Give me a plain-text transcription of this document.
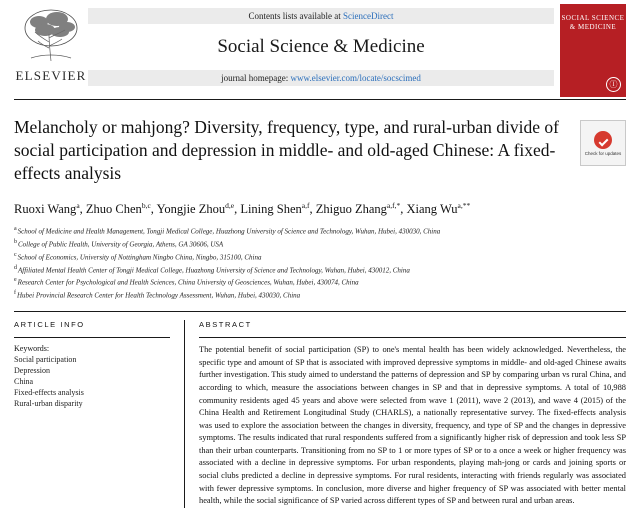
ELSEVIER
Contents lists available at ScienceDirect
Social Science & Medicine
journal homepage: www.elsevier.com/locate/socscimed
SOCIAL SCIENCE & MEDICINE
Ⓘ
Melancholy or mahjong? Diversity, frequency, type, and rural-urban divide of social participation and depression in middle- and old-aged Chinese: A fixed-effects analysis
Check for updates
Ruoxi Wang$^a$, Zhuo Chen$^{b,c}$, Yongjie Zhou$^{d,e}$, Lining Shen$^{a,f}$, Zhiguo Zhang$^{a,f,*}$, Xiang $Wu^{a,**}$
$^a$School of Medicine and Health Management, Tongji Medical College, Huazhong University of Science and Technology, Wuhan, Hubei, 430030, China
$^b$College of Public Health, University of Georgia, Athens, GA 30606, USA
$^c$School of Economics, University of Nottingham Ningbo China, Ningbo, 315100, China
$^d$Affiliated Mental Health Center of Tongji Medical College, Huazhong University of Science and Technology, Wuhan, Hubei, 430012, China
$^e$Research Center for Psychological and Health Sciences, China University of Geosciences, Wuhan, Hubei, 430074, China
$^f$Hubei Provincial Research Center for Health Technology Assessment, Wuhan, Hubei, 430030, China
ARTICLE INFO
Keywords:
Social participation
Depression
China
Fixed-effects analysis
Rural-urban disparity
ABSTRACT
The potential benefit of social participation (SP) to one's mental health has been widely acknowledged. Nevertheless, the specific type and amount of SP that is associated with improved depressive symptoms in middle- and old-aged Chinese awaits further investigation. This study aimed to understand the patterns of depression and SP by comparing urban vs rural China, and according to which, measure the associations between changes in SP and that in depressive symptoms. A total of 10,988 community residents aged 45 years and above were selected from wave 1 (2011), wave 2 (2013), and wave 4 (2015) of the China Health and Retirement Longitudinal Study (CHARLS), a nationally representative survey. The fixed-effects analysis was used to explore the association between the changes in diversity, frequency, and type of SP and the changes in depressive symptoms. The results indicated that rural respondents suffered from a significantly higher risk of depression and took less SP than their urban counterparts. Transitioning from no SP to 1 or more types of SP or to a once a week or higher frequency was associated with a decline in depressive symptoms. For urban respondents, playing mah-jong or cards and joining sports or social clubs predicted a decline in depressive symptoms. For rural residents, interacting with friends regularly was associated with fewer depressive symptoms. In conclusion, more diverse and higher frequency of SP was associated with better mental health, while the social significance of SP varied across different types of SP and between rural and urban areas.
